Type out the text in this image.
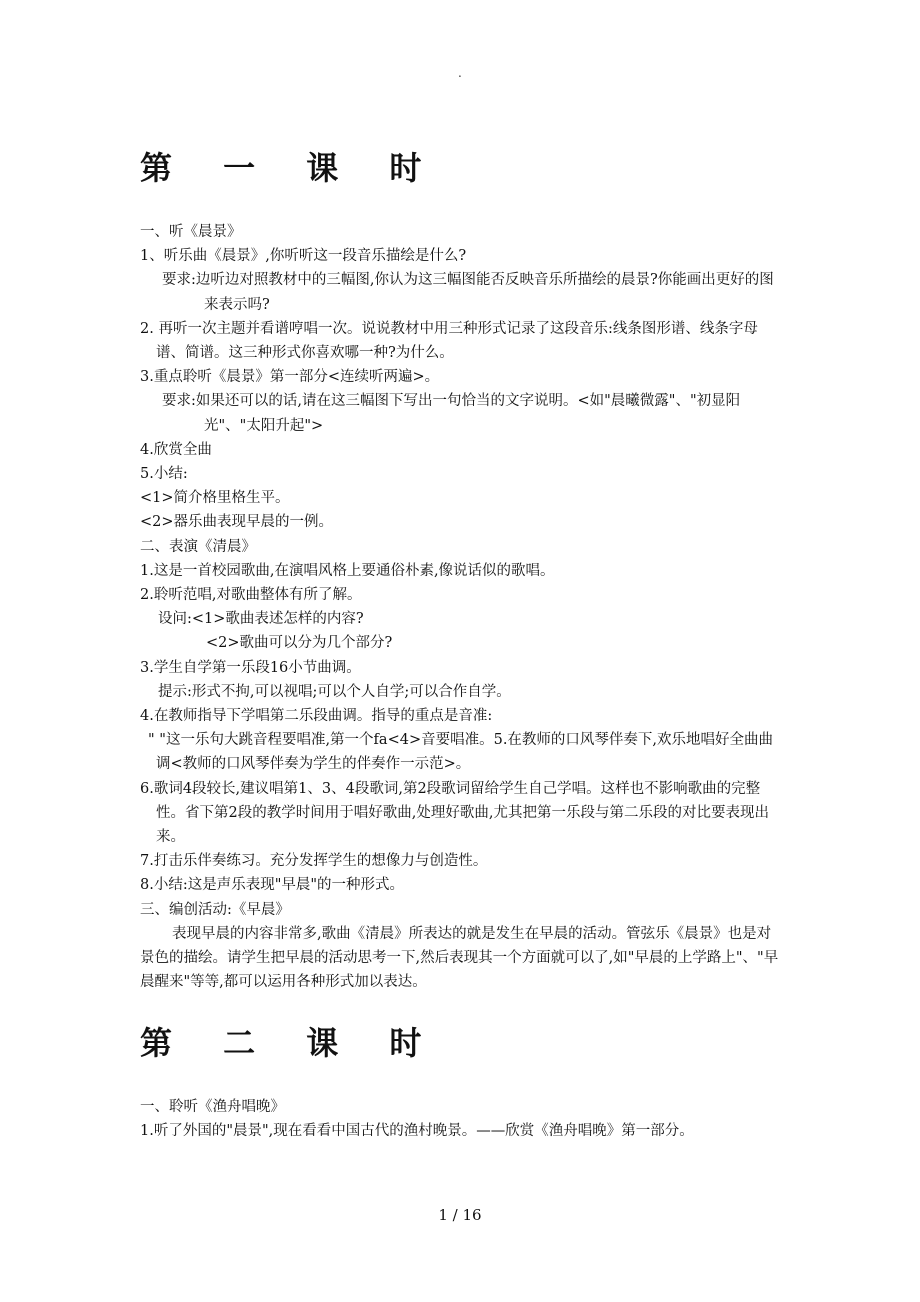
.
第 一 课 时

一、听《晨景》

1、听乐曲《晨景》,你听听这一段音乐描绘是什么?

要求:边听边对照教材中的三幅图,你认为这三幅图能否反映音乐所描绘的晨景?你能画出更好的图来表示吗?

2. 再听一次主题并看谱哼唱一次。说说教材中用三种形式记录了这段音乐:线条图形谱、线条字母谱、简谱。这三种形式你喜欢哪一种?为什么。

3.重点聆听《晨景》第一部分<连续听两遍>。

要求:如果还可以的话,请在这三幅图下写出一句恰当的文字说明。<如"晨曦微露"、"初显阳光"、"太阳升起">

4.欣赏全曲

5.小结:

<1>简介格里格生平。

<2>器乐曲表现早晨的一例。

二、表演《清晨》

1.这是一首校园歌曲,在演唱风格上要通俗朴素,像说话似的歌唱。

2.聆听范唱,对歌曲整体有所了解。

设问:<1>歌曲表述怎样的内容?

<2>歌曲可以分为几个部分?

3.学生自学第一乐段16小节曲调。

提示:形式不拘,可以视唱;可以个人自学;可以合作自学。

4.在教师指导下学唱第二乐段曲调。指导的重点是音准:

" "这一乐句大跳音程要唱准,第一个fa<4>音要唱准。5.在教师的口风琴伴奏下,欢乐地唱好全曲曲调<教师的口风琴伴奏为学生的伴奏作一示范>。

6.歌词4段较长,建议唱第1、3、4段歌词,第2段歌词留给学生自己学唱。这样也不影响歌曲的完整性。省下第2段的教学时间用于唱好歌曲,处理好歌曲,尤其把第一乐段与第二乐段的对比要表现出来。

7.打击乐伴奏练习。充分发挥学生的想像力与创造性。

8.小结:这是声乐表现"早晨"的一种形式。

三、编创活动:《早晨》

表现早晨的内容非常多,歌曲《清晨》所表达的就是发生在早晨的活动。管弦乐《晨景》也是对景色的描绘。请学生把早晨的活动思考一下,然后表现其一个方面就可以了,如"早晨的上学路上"、"早晨醒来"等等,都可以运用各种形式加以表达。

第 二 课 时

一、聆听《渔舟唱晚》

1.听了外国的"晨景",现在看看中国古代的渔村晚景。——欣赏《渔舟唱晚》第一部分。

1 / 16
